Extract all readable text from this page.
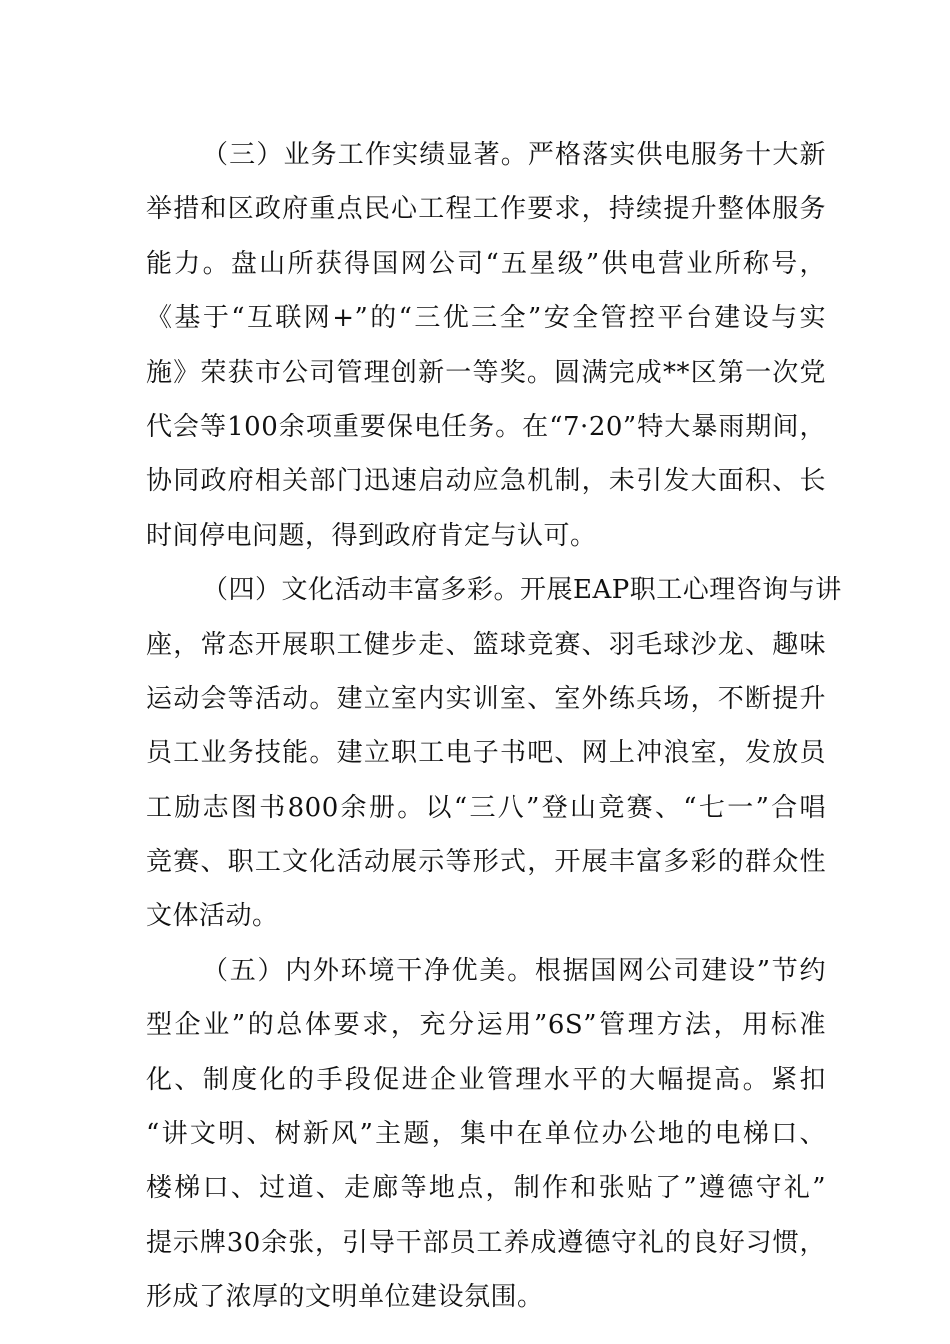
（三）业务工作实绩显著。严格落实供电服务十大新
举措和区政府重点民心工程工作要求，持续提升整体服务
能力。盘山所获得国网公司“五星级”供电营业所称号，
《基于“互联网+”的“三优三全”安全管控平台建设与实
施》荣获市公司管理创新一等奖。圆满完成**区第一次党
代会等100余项重要保电任务。在“7·20”特大暴雨期间，
协同政府相关部门迅速启动应急机制，未引发大面积、长
时间停电问题，得到政府肯定与认可。
（四）文化活动丰富多彩。开展EAP职工心理咨询与讲
座，常态开展职工健步走、篮球竞赛、羽毛球沙龙、趣味
运动会等活动。建立室内实训室、室外练兵场，不断提升
员工业务技能。建立职工电子书吧、网上冲浪室，发放员
工励志图书800余册。以“三八”登山竞赛、“七一”合唱
竞赛、职工文化活动展示等形式，开展丰富多彩的群众性
文体活动。
（五）内外环境干净优美。根据国网公司建设”节约
型企业”的总体要求，充分运用”6S”管理方法，用标准
化、制度化的手段促进企业管理水平的大幅提高。紧扣
“讲文明、树新风”主题，集中在单位办公地的电梯口、
楼梯口、过道、走廊等地点，制作和张贴了”遵德守礼”
提示牌30余张，引导干部员工养成遵德守礼的良好习惯，
形成了浓厚的文明单位建设氛围。
